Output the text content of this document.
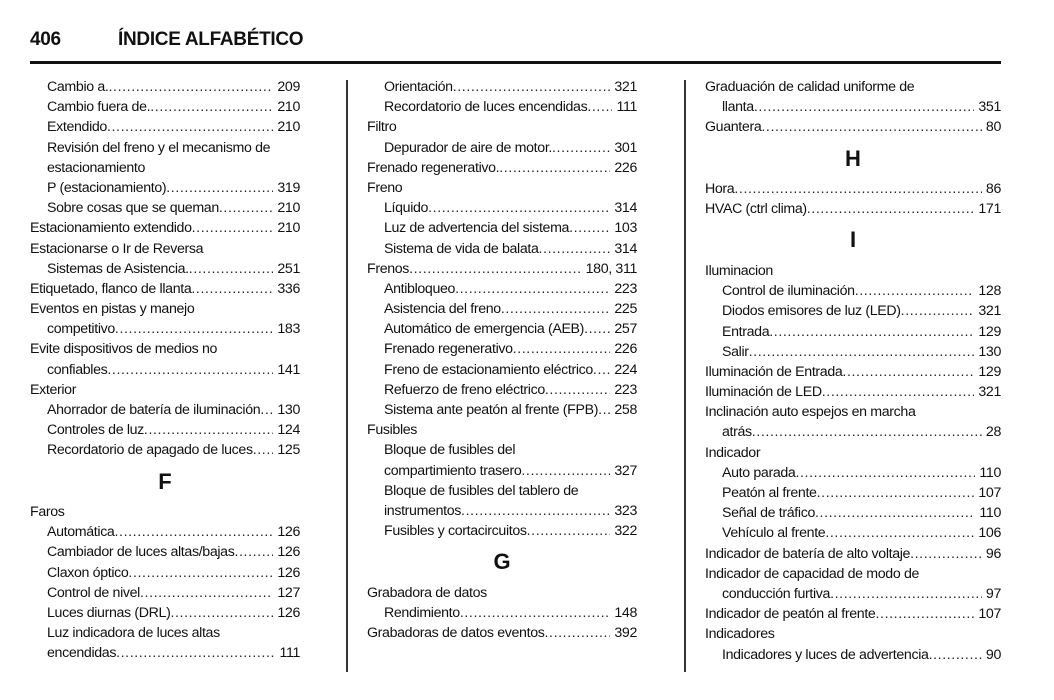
406	ÍNDICE ALFABÉTICO
Cambio a. .....	209
Cambio fuera de. .....	210
Extendido .....	210
Revisión del freno y el mecanismo de
estacionamiento
P (estacionamiento) .....	319
Sobre cosas que se queman .....	210
Estacionamiento extendido .....	210
Estacionarse o Ir de Reversa
Sistemas de Asistencia. .....	251
Etiquetado, flanco de llanta .....	336
Eventos en pistas y manejo
competitivo .....	183
Evite dispositivos de medios no
confiables .....	141
Exterior
Ahorrador de batería de iluminación ..... 130
Controles de luz .....	124
Recordatorio de apagado de luces ..... 125
F
Faros
Automática .....	126
Cambiador de luces altas/bajas .....	126
Claxon óptico .....	126
Control de nivel .....	127
Luces diurnas (DRL) .....	126
Luz indicadora de luces altas
encendidas .....	111
Orientación .....	321
Recordatorio de luces encendidas ..... 111
Filtro
Depurador de aire de motor. .....	301
Frenado regenerativo. .....	226
Freno
Líquido .....	314
Luz de advertencia del sistema .....	103
Sistema de vida de balata .....	314
Frenos .....	180, 311
Antibloqueo .....	223
Asistencia del freno .....	225
Automático de emergencia (AEB) ..... 257
Frenado regenerativo .....	226
Freno de estacionamiento eléctrico ..... 224
Refuerzo de freno eléctrico .....	223
Sistema ante peatón al frente (FPB) ..... 258
Fusibles
Bloque de fusibles del
compartimiento trasero .....	327
Bloque de fusibles del tablero de
instrumentos .....	323
Fusibles y cortacircuitos .....	322
G
Grabadora de datos
Rendimiento .....	148
Grabadoras de datos eventos .....	392
Graduación de calidad uniforme de
llanta .....	351
Guantera .....	80
H
Hora .....	86
HVAC (ctrl clima) .....	171
I
Iluminacion
Control de iluminación .....	128
Diodos emisores de luz (LED) .....	321
Entrada .....	129
Salir .....	130
Iluminación de Entrada .....	129
Iluminación de LED .....	321
Inclinación auto espejos en marcha
atrás .....	28
Indicador
Auto parada .....	110
Peatón al frente .....	107
Señal de tráfico .....	110
Vehículo al frente .....	106
Indicador de batería de alto voltaje .....	96
Indicador de capacidad de modo de
conducción furtiva .....	97
Indicador de peatón al frente .....	107
Indicadores
Indicadores y luces de advertencia .....	90
